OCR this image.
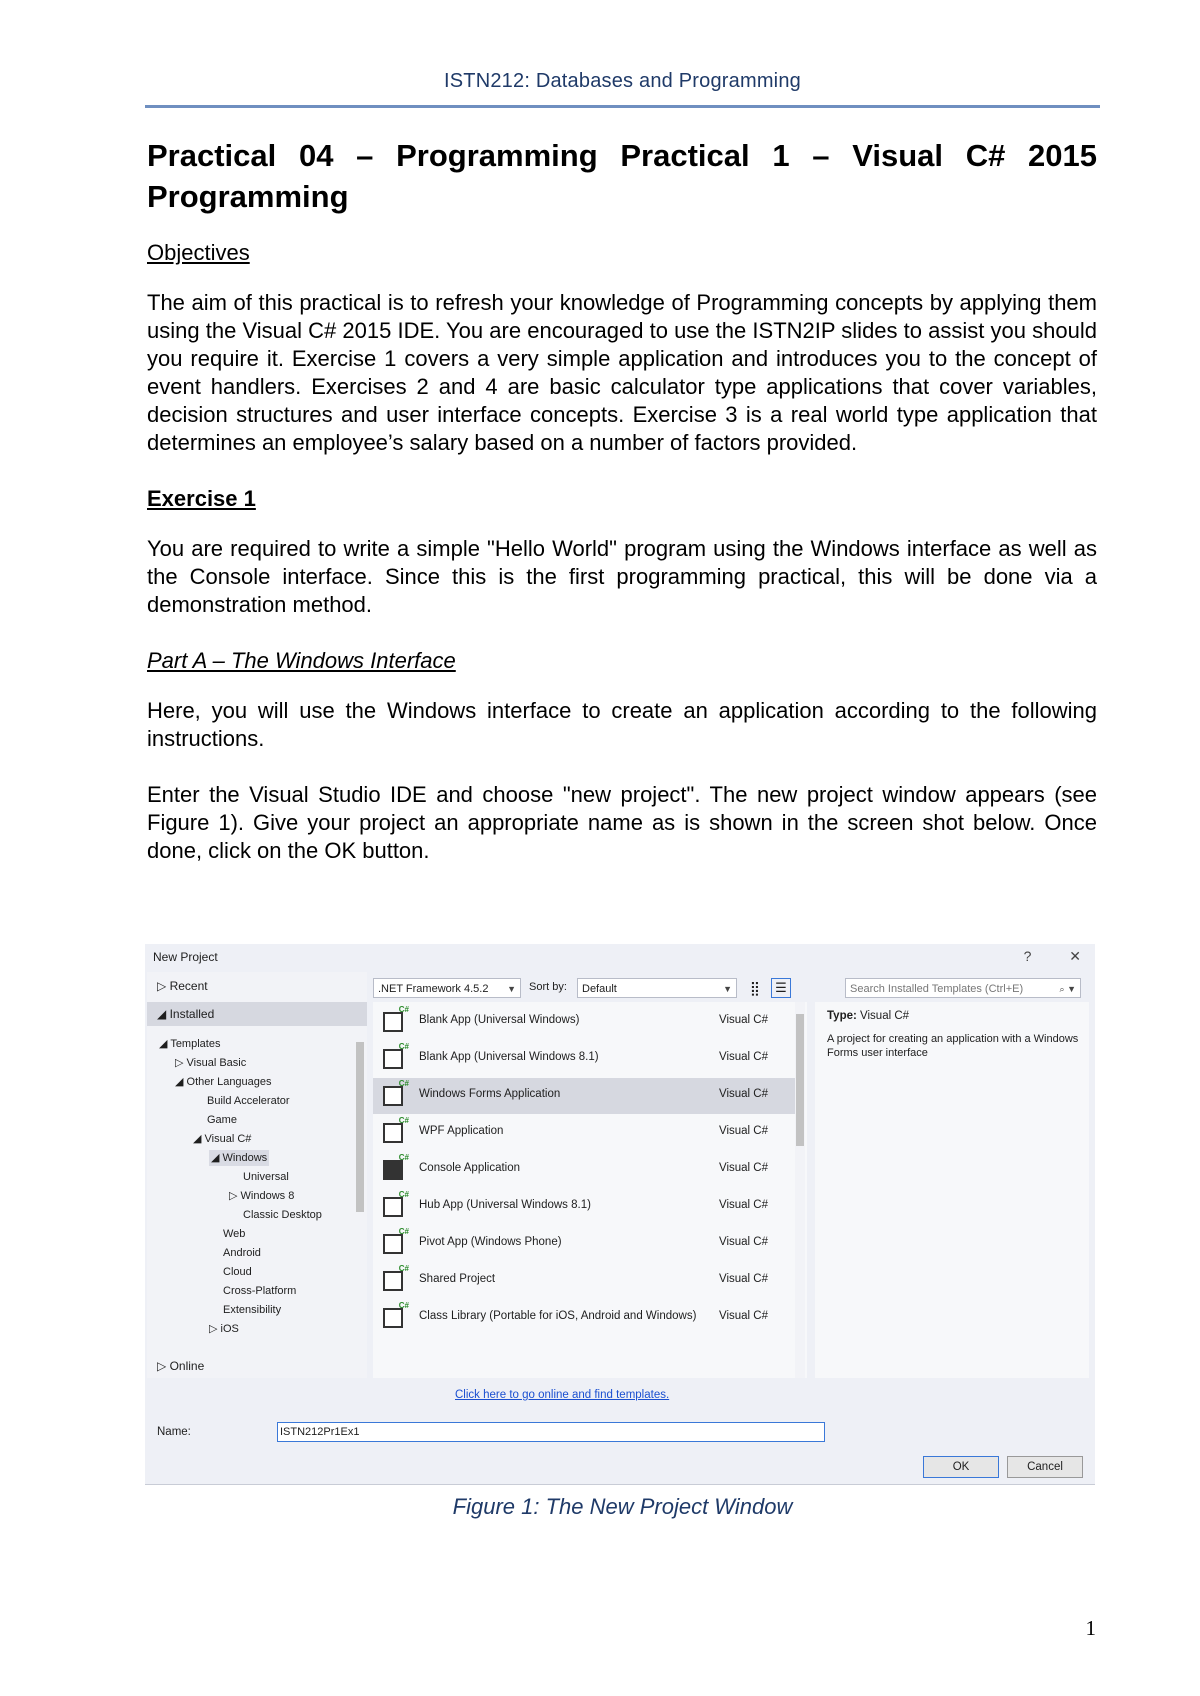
ISTN212: Databases and Programming
Practical 04 – Programming Practical 1 – Visual C# 2015 Programming
Objectives

The aim of this practical is to refresh your knowledge of Programming concepts by applying them using the Visual C# 2015 IDE. You are encouraged to use the ISTN2IP slides to assist you should you require it. Exercise 1 covers a very simple application and introduces you to the concept of event handlers. Exercises 2 and 4 are basic calculator type applications that cover variables, decision structures and user interface concepts. Exercise 3 is a real world type application that determines an employee’s salary based on a number of factors provided.

Exercise 1

You are required to write a simple "Hello World" program using the Windows interface as well as the Console interface. Since this is the first programming practical, this will be done via a demonstration method.

Part A – The Windows Interface

Here, you will use the Windows interface to create an application according to the following instructions.

Enter the Visual Studio IDE and choose "new project". The new project window appears (see Figure 1). Give your project an appropriate name as is shown in the screen shot below. Once done, click on the OK button.

New Project	?	✕
▷ Recent
◢ Installed
◢ Templates
▷ Visual Basic
◢ Other Languages
Build Accelerator
Game
◢ Visual C#
◢ Windows
Universal
▷ Windows 8
Classic Desktop
Web
Android
Cloud
Cross-Platform
Extensibility
▷ iOS
▷ Online
.NET Framework 4.5.2 ▼ Sort by:	Default	▼	⣿	☰	Search Installed Templates (Ctrl+E)	⌕ ▼
C#
Blank App (Universal Windows)	Visual C#
C#
Blank App (Universal Windows 8.1)	Visual C#
C#
Windows Forms Application	Visual C#
C#
WPF Application	Visual C#
C#
Console Application	Visual C#
C#
Hub App (Universal Windows 8.1)	Visual C#
C#
Pivot App (Windows Phone)	Visual C#
C#
Shared Project	Visual C#
C#
Class Library (Portable for iOS, Android and Windows) Visual C#
Type: Visual C#
A project for creating an application with a Windows Forms user interface
Click here to go online and find templates.
Name:	ISTN212Pr1Ex1
OK	Cancel
Figure 1: The New Project Window
1
